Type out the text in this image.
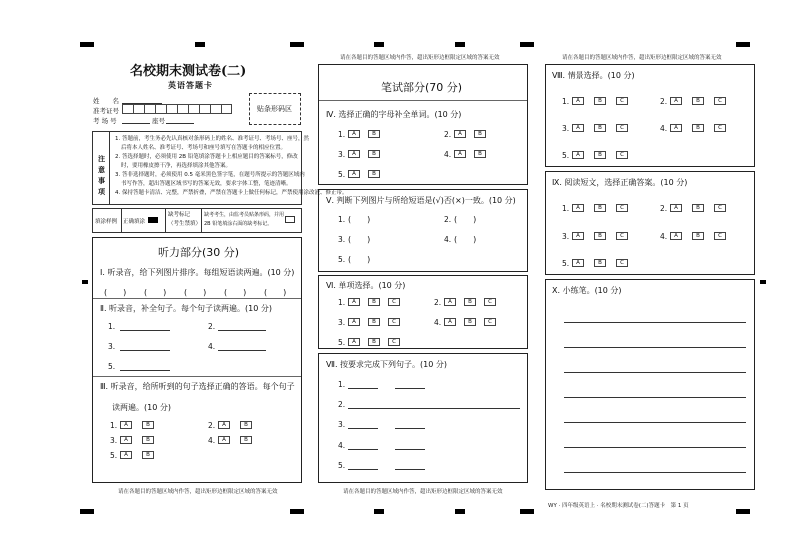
名校期末测试卷(二)
英语答题卡
姓　　名
准考证号
考 场 号	座号
贴条形码区
注意事项
1. 答题前，考生务必先认真核对条形码上的姓名、准考证号、考场号、座号，然
后将本人姓名、准考证号、考场号和座号填写在答题卡的相应位置。
2. 答选择题时，必须使用 2B 铅笔填涂答题卡上相应题目的答案标号，修改
时，要用橡皮擦干净，再选择填涂其他答案。
3. 答非选择题时，必须使用 0.5 毫米黑色签字笔，在题号所提示的答题区域内
书写作答，超出答题区域书写的答案无效，要求字体工整，笔迹清晰。
4. 保持答题卡清洁、完整，严禁折叠，严禁在答题卡上做任何标记，严禁使用涂改液、修正带。
填涂样例 正确填涂
缺考标记
（考生禁填）
缺考考生，由监考员贴条形码，并用
2B 铅笔填涂右面的缺考标记。
听力部分(30 分)
Ⅰ. 听录音，给下列图片排序。每组短语读两遍。(10 分)
(　　) (　　) (　　) (　　) (　　)
Ⅱ. 听录音，补全句子。每个句子读两遍。(10 分)
1.	2.
3.	4.
5.
Ⅲ. 听录音，给所听到的句子选择正确的答语。每个句子
读两遍。(10 分)
1.	A	B	2.	A	B
3.	A	B	4.	A	B
5.	A	B
请在各题目的答题区域内作答，超出矩形边框限定区域的答案无效
请在各题目的答题区域内作答，超出矩形边框限定区域的答案无效
笔试部分(70 分)
Ⅳ. 选择正确的字母补全单词。(10 分)
1.	A	B	2.	A	B
3.	A	B	4.	A	B
5.	A	B
Ⅴ. 判断下列图片与所给短语是(√)否(×)一致。(10 分)
1. (　　)	2. (　　)
3. (　　)	4. (　　)
5. (　　)
Ⅵ. 单项选择。(10 分)
1.	A	B	C	2.	A	B	C
3.	A	B	C	4.	A	B	C
5.	A	B	C
Ⅶ. 按要求完成下列句子。(10 分)
1.
2.
3.
4.
5.
请在各题目的答题区域内作答，超出矩形边框限定区域的答案无效
请在各题目的答题区域内作答，超出矩形边框限定区域的答案无效
Ⅷ. 情景选择。(10 分)
1.	A	B	C	2.	A	B	C
3.	A	B	C	4.	A	B	C
5.	A	B	C
Ⅸ. 阅读短文，选择正确答案。(10 分)
1.	A	B	C	2.	A	B	C
3.	A	B	C	4.	A	B	C
5.	A	B	C
Ⅹ. 小练笔。(10 分)
WY · 四年级英语上 · 名校期末测试卷(二)答题卡　第 1 页
